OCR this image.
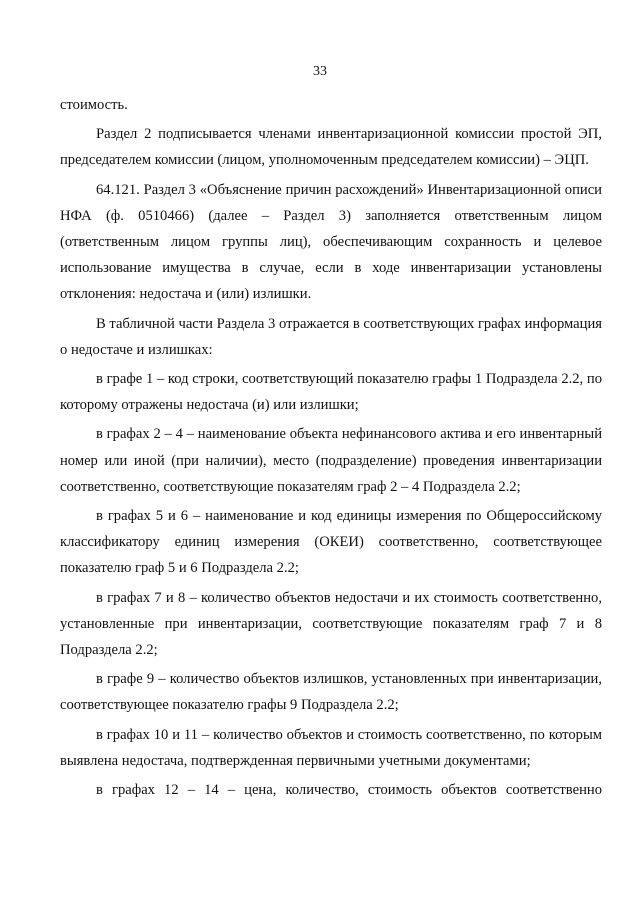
33

стоимость.

Раздел 2 подписывается членами инвентаризационной комиссии простой ЭП, председателем комиссии (лицом, уполномоченным председателем комиссии) – ЭЦП.

64.121. Раздел 3 «Объяснение причин расхождений» Инвентаризационной описи НФА (ф. 0510466) (далее – Раздел 3) заполняется ответственным лицом (ответственным лицом группы лиц), обеспечивающим сохранность и целевое использование имущества в случае, если в ходе инвентаризации установлены отклонения: недостача и (или) излишки.

В табличной части Раздела 3 отражается в соответствующих графах информация о недостаче и излишках:

в графе 1 – код строки, соответствующий показателю графы 1 Подраздела 2.2, по которому отражены недостача (и) или излишки;

в графах 2 – 4 – наименование объекта нефинансового актива и его инвентарный номер или иной (при наличии), место (подразделение) проведения инвентаризации соответственно, соответствующие показателям граф 2 – 4 Подраздела 2.2;

в графах 5 и 6 – наименование и код единицы измерения по Общероссийскому классификатору единиц измерения (ОКЕИ) соответственно, соответствующее показателю граф 5 и 6 Подраздела 2.2;

в графах 7 и 8 – количество объектов недостачи и их стоимость соответственно, установленные при инвентаризации, соответствующие показателям граф 7 и 8 Подраздела 2.2;

в графе 9 – количество объектов излишков, установленных при инвентаризации, соответствующее показателю графы 9 Подраздела 2.2;

в графах 10 и 11 – количество объектов и стоимость соответственно, по которым выявлена недостача, подтвержденная первичными учетными документами;

в графах 12 – 14 – цена, количество, стоимость объектов соответственно
